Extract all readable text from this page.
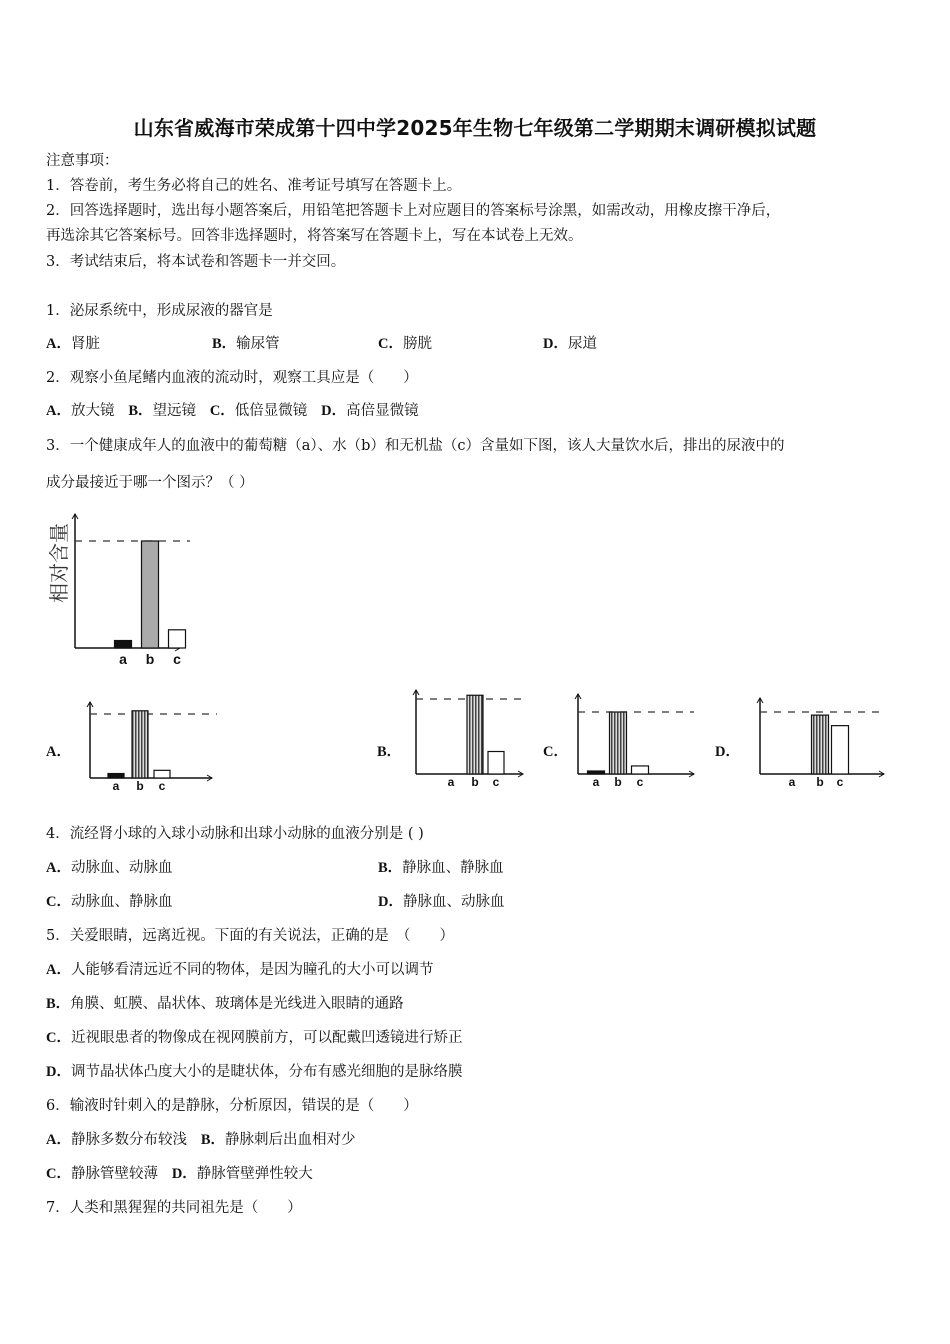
山东省威海市荣成第十四中学2025年生物七年级第二学期期末调研模拟试题
注意事项：
1．答卷前，考生务必将自己的姓名、准考证号填写在答题卡上。
2．回答选择题时，选出每小题答案后，用铅笔把答题卡上对应题目的答案标号涂黑，如需改动，用橡皮擦干净后，
再选涂其它答案标号。回答非选择题时，将答案写在答题卡上，写在本试卷上无效。
3．考试结束后，将本试卷和答题卡一并交回。
1．泌尿系统中，形成尿液的器官是
A．肾脏	B．输尿管	C．膀胱	D．尿道
2．观察小鱼尾鳍内血液的流动时，观察工具应是（　　）
A．放大镜 B．望远镜 C．低倍显微镜 D．高倍显微镜
3．一个健康成年人的血液中的葡萄糖（a）、水（b）和无机盐（c）含量如下图，该人大量饮水后，排出的尿液中的
成分最接近于哪一个图示？（ ）
a b c
相对含量
A．
a b c
B．
a b c
C．
a b c
D．
a b c
4．流经肾小球的入球小动脉和出球小动脉的血液分别是 ( )
A．动脉血、动脉血	B．静脉血、静脉血
C．动脉血、静脉血	D．静脉血、动脉血
5．关爱眼睛，远离近视。下面的有关说法，正确的是　（　　）
A．人能够看清远近不同的物体，是因为瞳孔的大小可以调节
B．角膜、虹膜、晶状体、玻璃体是光线进入眼睛的通路
C．近视眼患者的物像成在视网膜前方，可以配戴凹透镜进行矫正
D．调节晶状体凸度大小的是睫状体，分布有感光细胞的是脉络膜
6．输液时针刺入的是静脉，分析原因，错误的是（　　）
A．静脉多数分布较浅 B．静脉刺后出血相对少
C．静脉管壁较薄 D．静脉管壁弹性较大
7．人类和黑猩猩的共同祖先是（　　）
